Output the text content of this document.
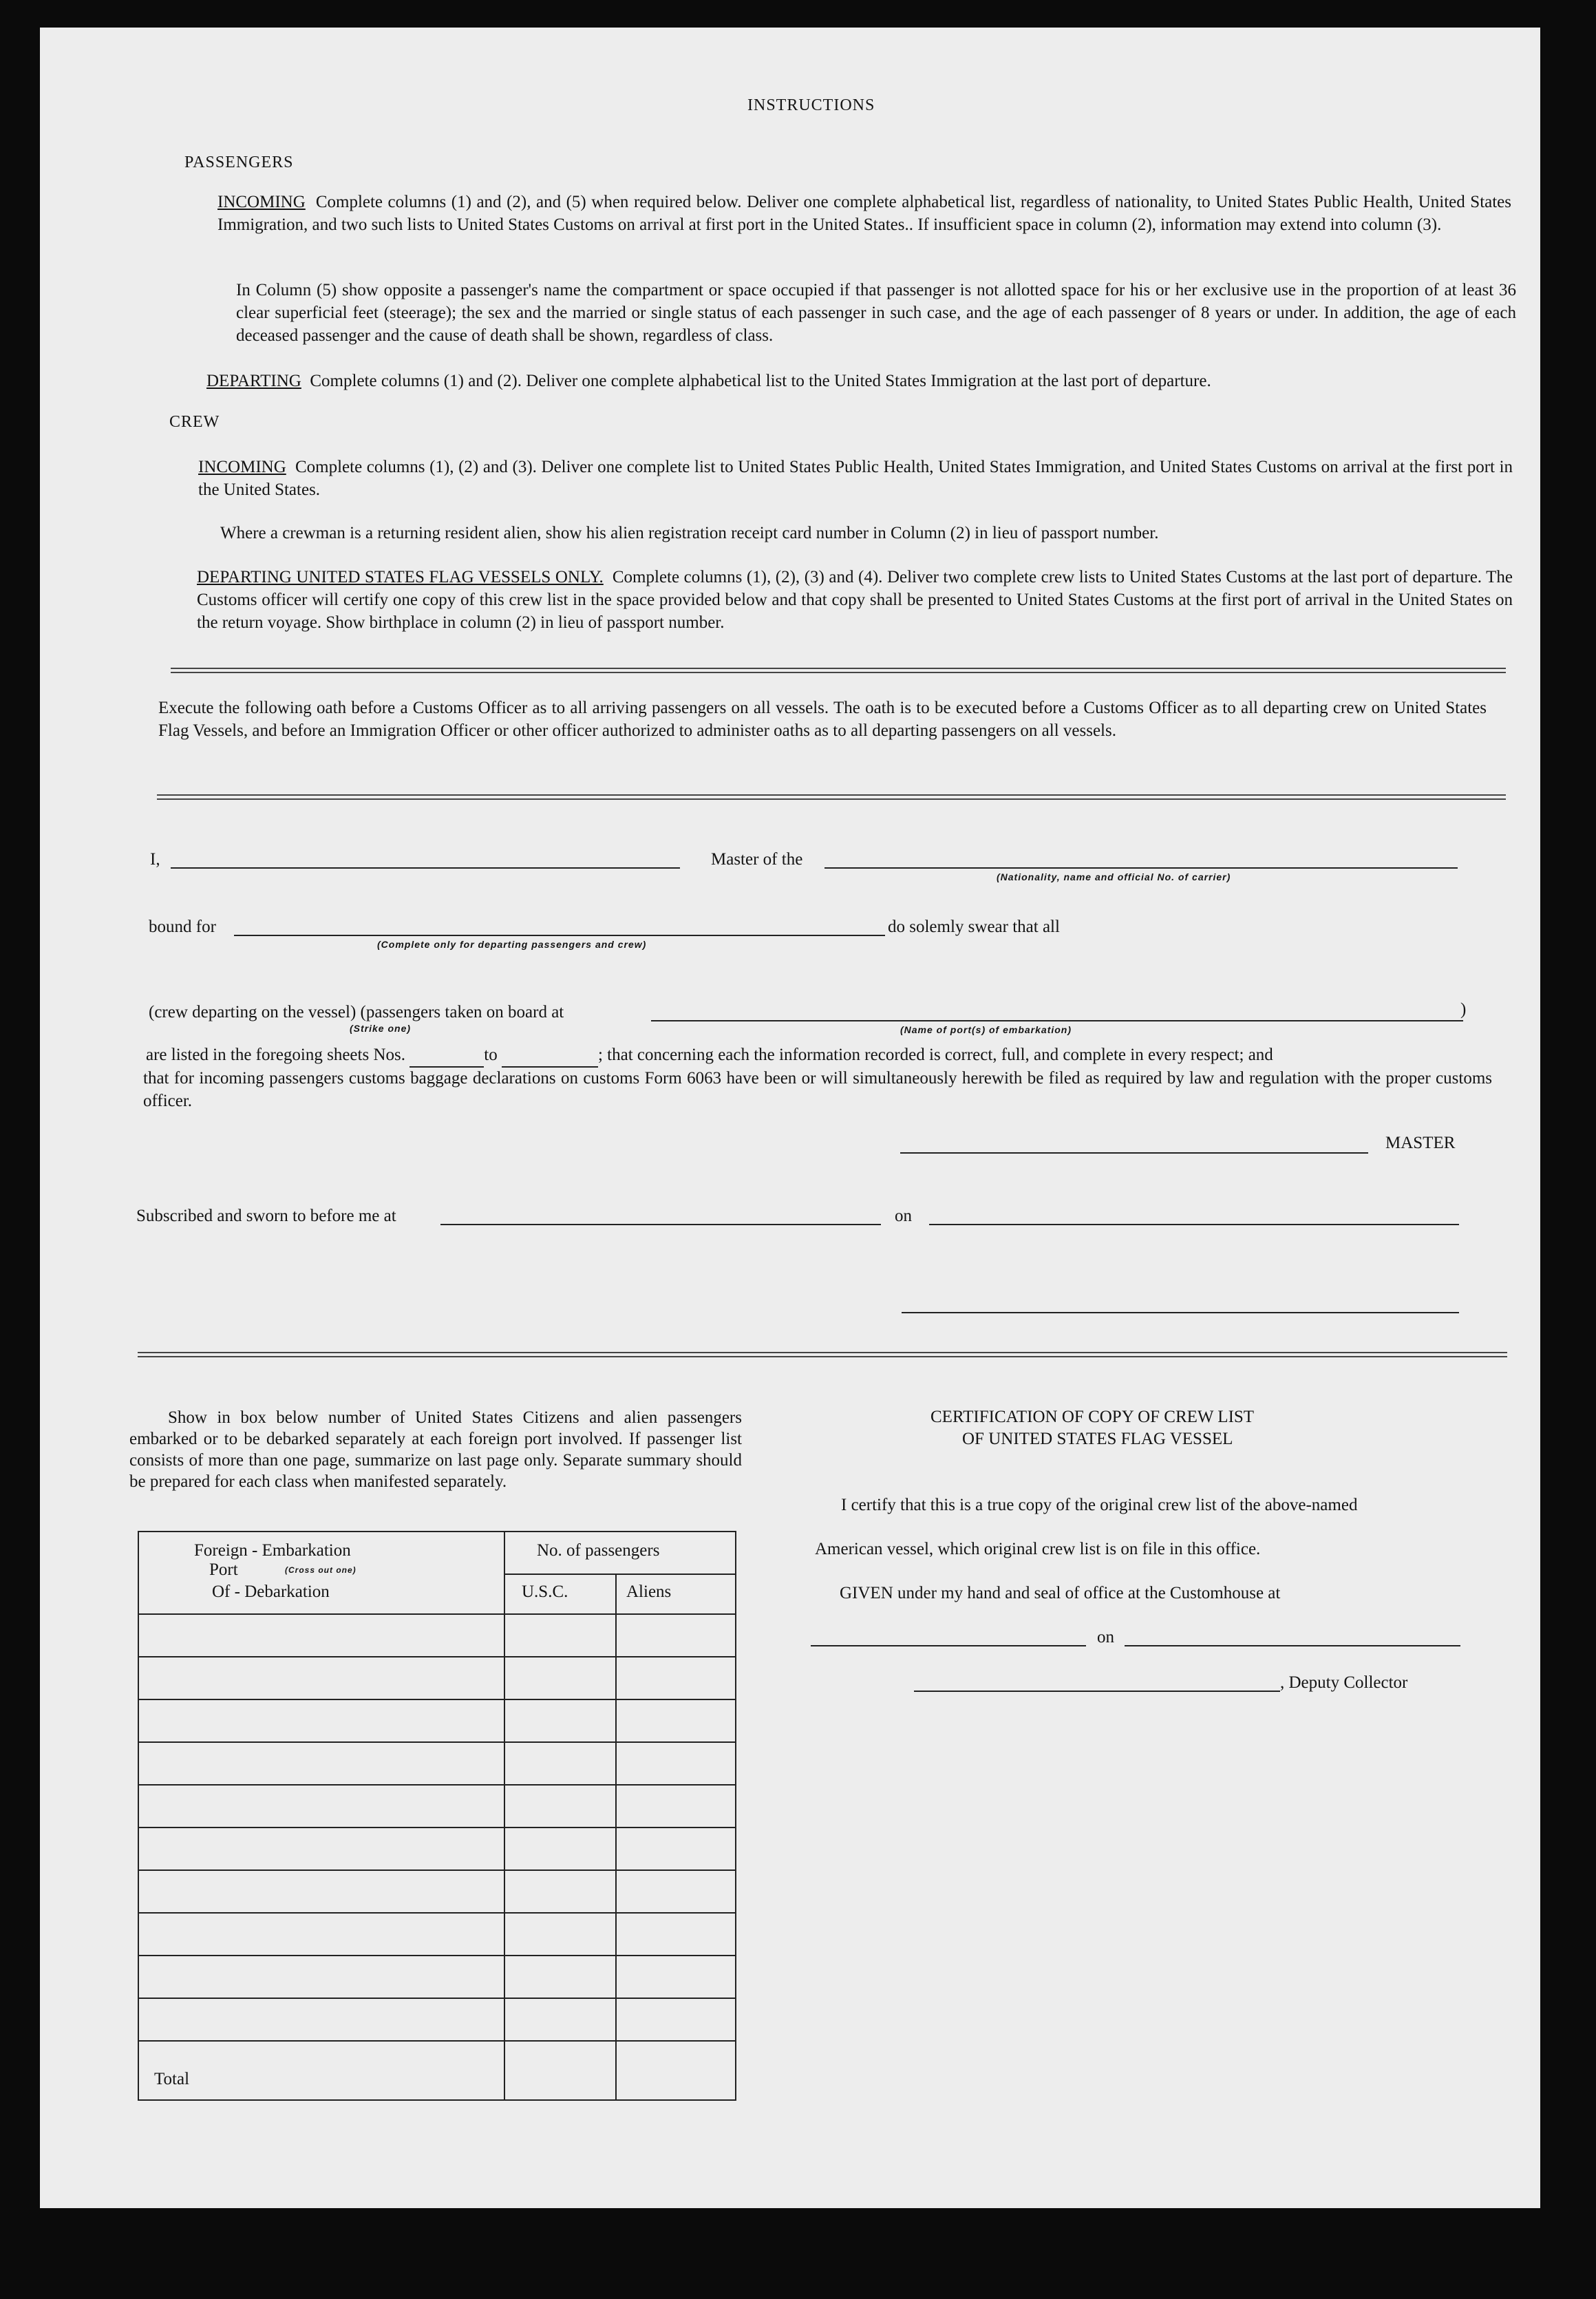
INSTRUCTIONS
PASSENGERS
INCOMING Complete columns (1) and (2), and (5) when required below. Deliver one complete alphabetical list, regardless of nationality, to United States Public Health, United States Immigration, and two such lists to United States Customs on arrival at first port in the United States.. If insufficient space in column (2), information may extend into column (3).
In Column (5) show opposite a passenger's name the compartment or space occupied if that passenger is not allotted space for his or her exclusive use in the proportion of at least 36 clear superficial feet (steerage); the sex and the married or single status of each passenger in such case, and the age of each passenger of 8 years or under. In addition, the age of each deceased passenger and the cause of death shall be shown, regardless of class.
DEPARTING Complete columns (1) and (2). Deliver one complete alphabetical list to the United States Immigration at the last port of departure.
CREW
INCOMING Complete columns (1), (2) and (3). Deliver one complete list to United States Public Health, United States Immigration, and United States Customs on arrival at the first port in the United States.
Where a crewman is a returning resident alien, show his alien registration receipt card number in Column (2) in lieu of passport number.
DEPARTING UNITED STATES FLAG VESSELS ONLY. Complete columns (1), (2), (3) and (4). Deliver two complete crew lists to United States Customs at the last port of departure. The Customs officer will certify one copy of this crew list in the space provided below and that copy shall be presented to United States Customs at the first port of arrival in the United States on the return voyage. Show birthplace in column (2) in lieu of passport number.
Execute the following oath before a Customs Officer as to all arriving passengers on all vessels. The oath is to be executed before a Customs Officer as to all departing crew on United States Flag Vessels, and before an Immigration Officer or other officer authorized to administer oaths as to all departing passengers on all vessels.
I,	Master of the
(Nationality, name and official No. of carrier)
bound for
(Complete only for departing passengers and crew)
do solemly swear that all
(crew departing on the vessel) (passengers taken on board at
(Strike one)	(Name of port(s) of embarkation)
)
are listed in the foregoing sheets Nos.	to	; that concerning each the information recorded is correct, full, and complete in every respect; and
that for incoming passengers customs baggage declarations on customs Form 6063 have been or will simultaneously herewith be filed as required by law and regulation with the proper customs officer.
MASTER
Subscribed and sworn to before me at	on
Show in box below number of United States Citizens and alien passengers embarked or to be debarked separately at each foreign port involved. If passenger list consists of more than one page, summarize on last page only. Separate summary should be prepared for each class when manifested separately.
Foreign - Embarkation
Port	(Cross out one)
Of - Debarkation
No. of passengers
U.S.C.	Aliens
Total
CERTIFICATION OF COPY OF CREW LIST
OF UNITED STATES FLAG VESSEL
I certify that this is a true copy of the original crew list of the above-named
American vessel, which original crew list is on file in this office.
GIVEN under my hand and seal of office at the Customhouse at
on
, Deputy Collector
